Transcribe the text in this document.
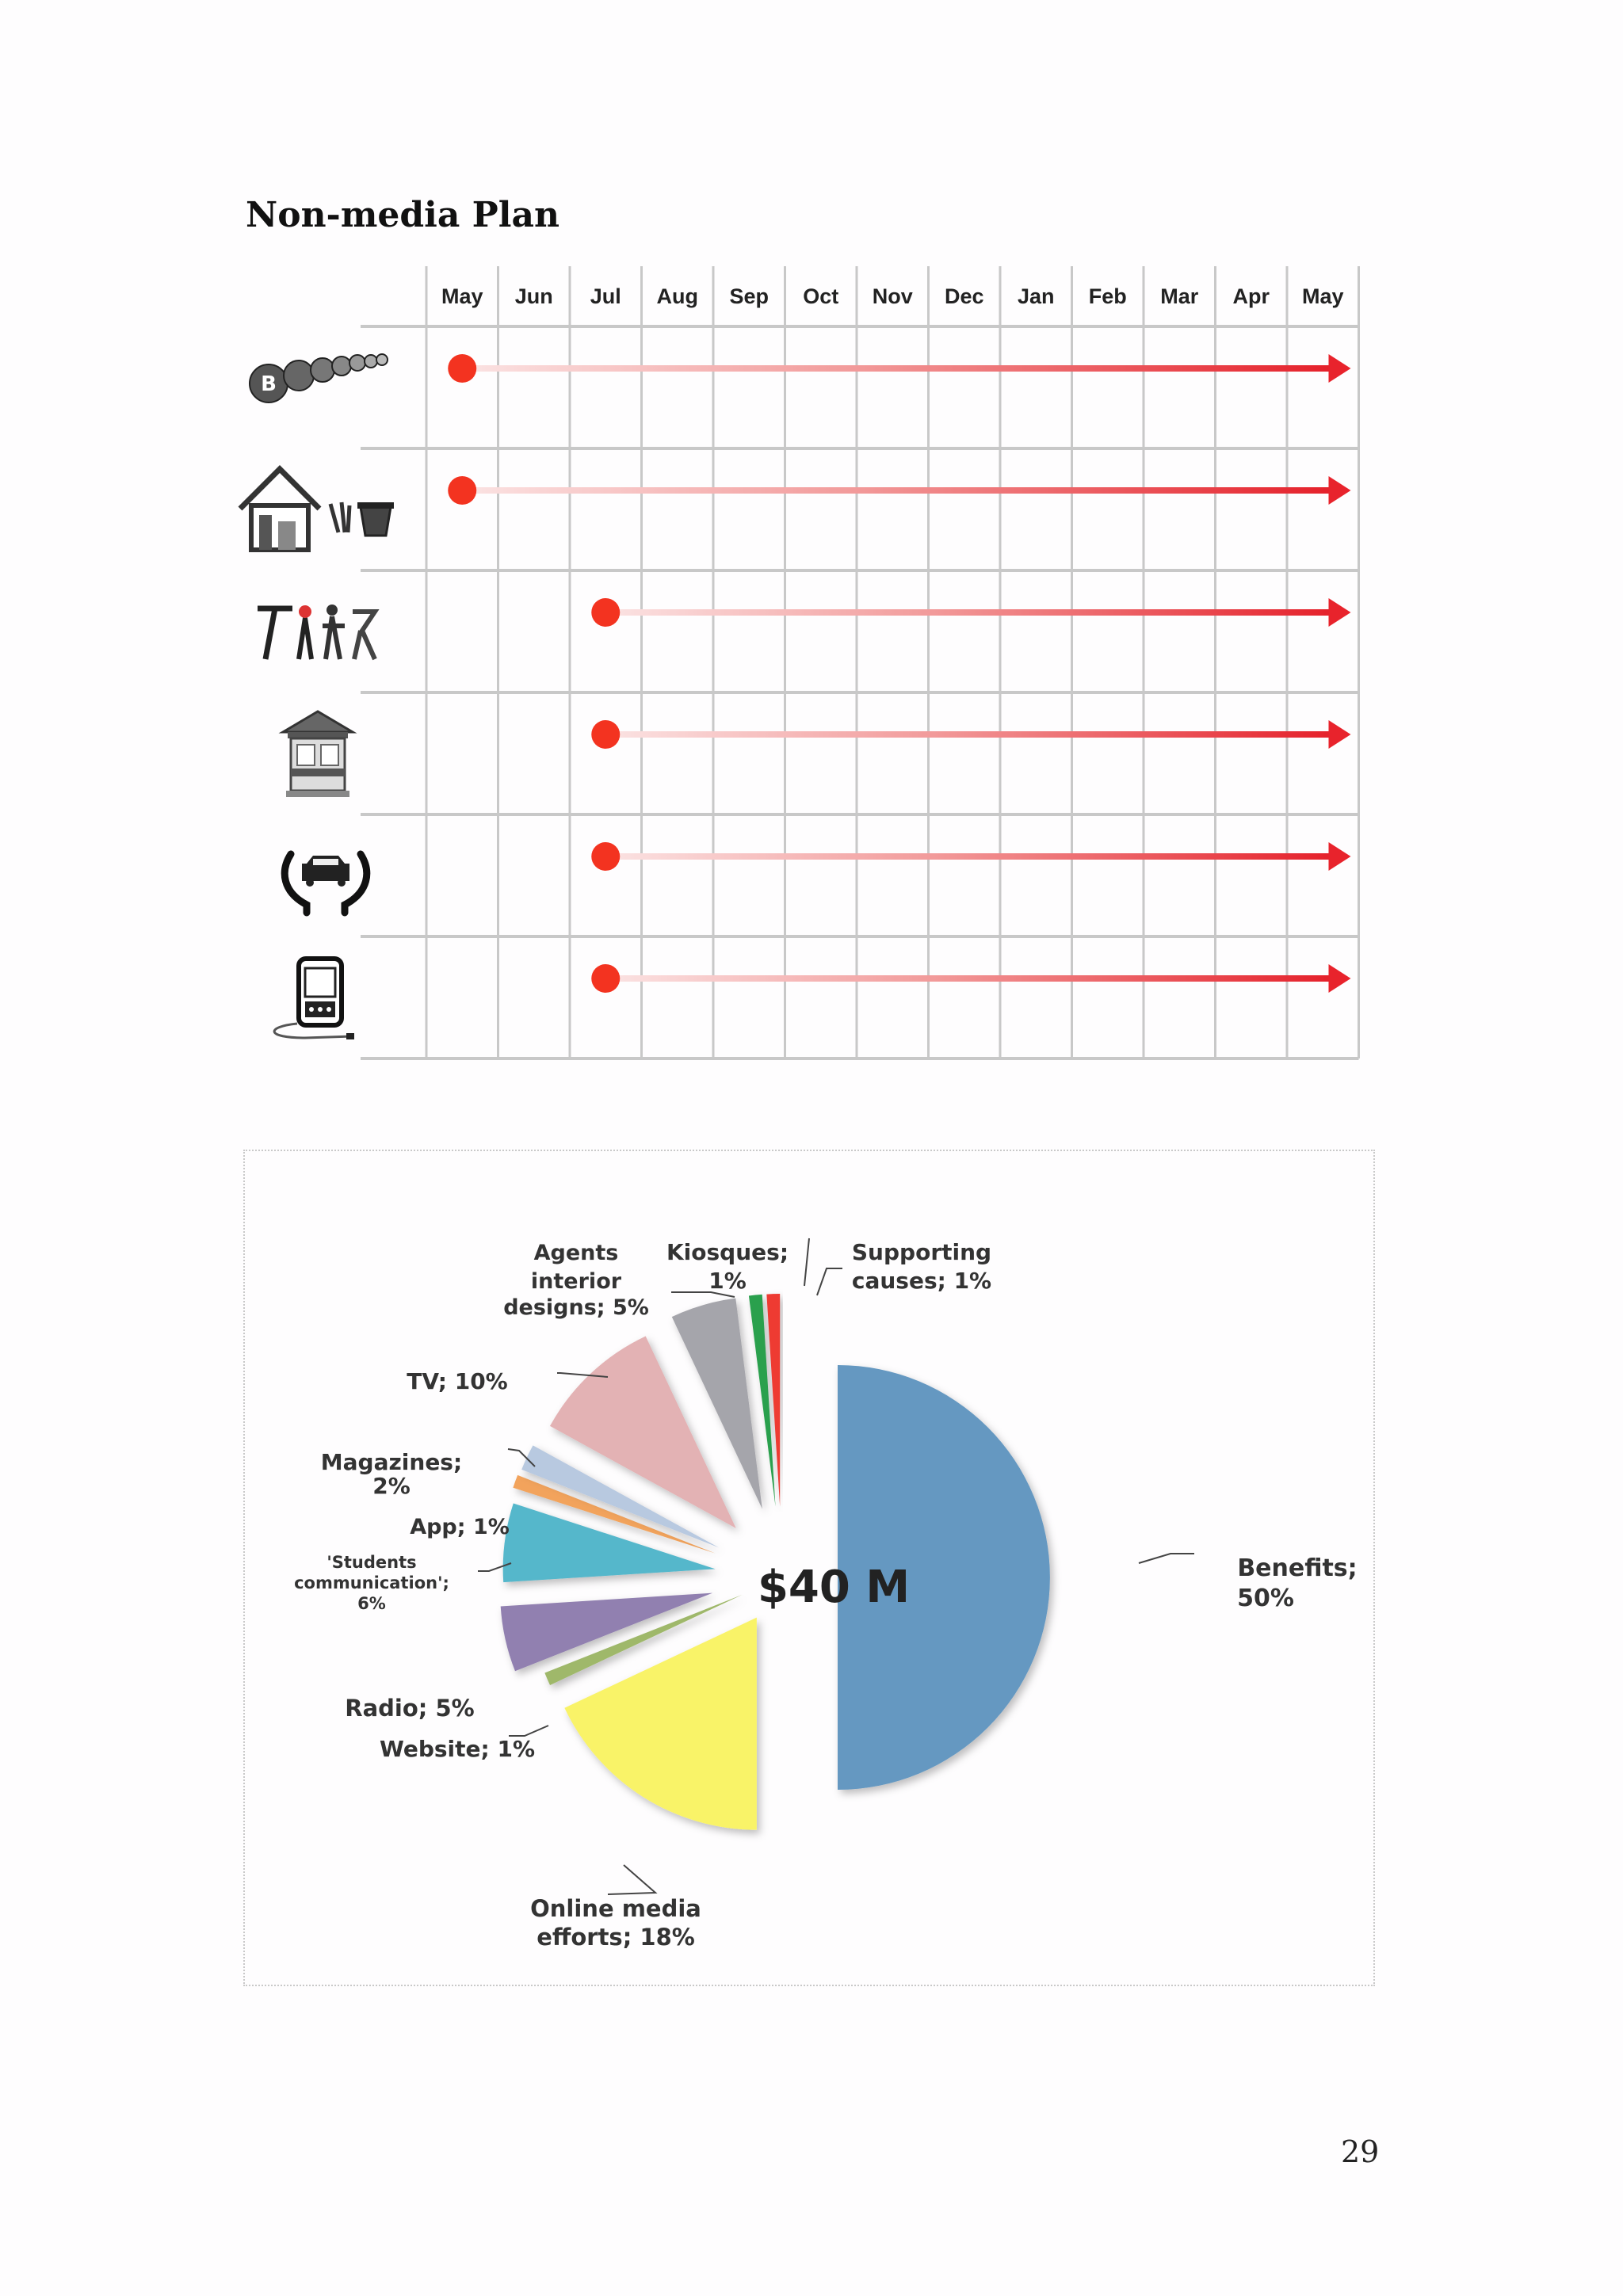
Non-media Plan
May Jun Jul Aug Sep Oct Nov Dec Jan Feb Mar Apr May
B
Benefits; 50%
Online media efforts; 18%
Website; 1%
Radio; 5%
'Students communication'; 6%
App; 1%
Magazines; 2%
TV; 10%
Agents interior designs; 5%
Kiosques; 1%
Supporting causes; 1%
$40 M
29
